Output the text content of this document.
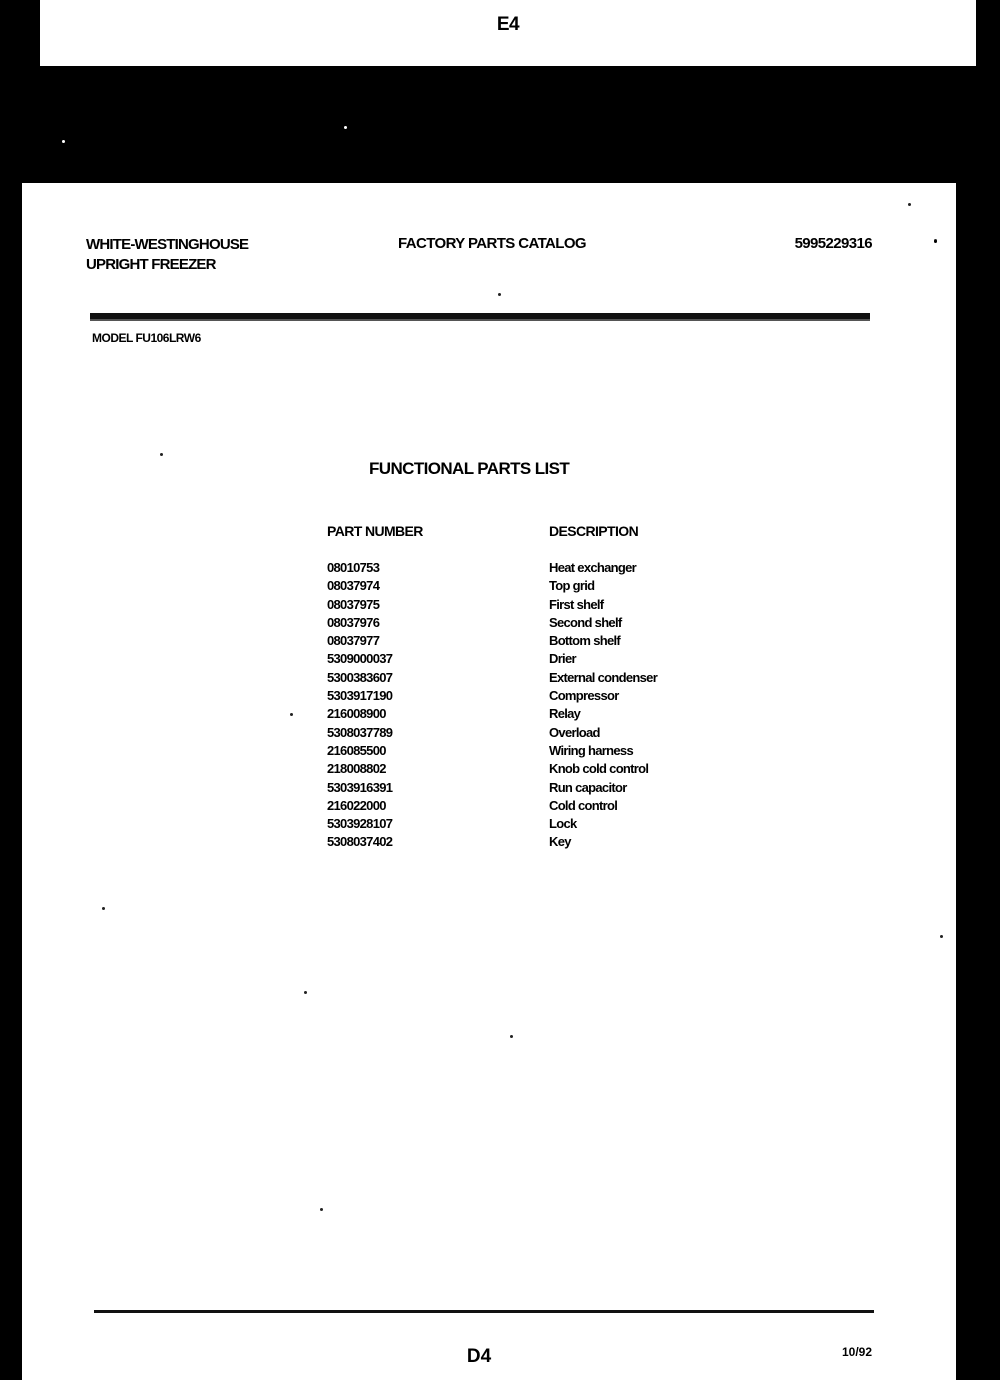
E4
WHITE-WESTINGHOUSE
UPRIGHT FREEZER
FACTORY PARTS CATALOG	5995229316
MODEL FU106LRW6
FUNCTIONAL PARTS LIST
PART NUMBER	DESCRIPTION
08010753	Heat exchanger
08037974	Top grid
08037975	First shelf
08037976	Second shelf
08037977	Bottom shelf
5309000037	Drier
5300383607	External condenser
5303917190	Compressor
216008900	Relay
5308037789	Overload
216085500	Wiring harness
218008802	Knob cold control
5303916391	Run capacitor
216022000	Cold control
5303928107	Lock
5308037402	Key
D4	10/92
